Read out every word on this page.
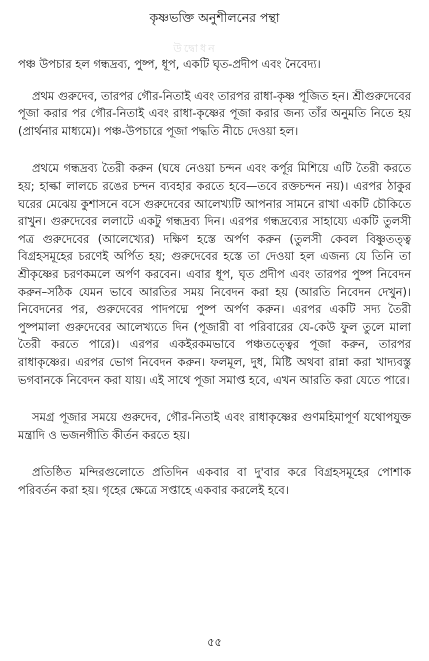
কৃষ্ণভক্তি অনুশীলনের পন্থা
উদ্বোধন

পঞ্চ উপচার হল গন্ধদ্রব্য, পুষ্প, ধূপ, একটি ঘৃত-প্রদীপ এবং নৈবেদ্য।

প্রথম গুরুদেব, তারপর গৌর-নিতাই এবং তারপর রাধা-কৃষ্ণ পূজিত হন। শ্রীগুরুদেবের পূজা করার পর গৌর-নিতাই এবং রাধা-কৃষ্ণের পূজা করার জন্য তাঁর অনুমতি নিতে হয় (প্রার্থনার মাধ্যমে)। পঞ্চ-উপচারে পূজা পদ্ধতি নীচে দেওয়া হল।

প্রথমে গন্ধদ্রব্য তৈরী করুন (ঘষে নেওয়া চন্দন এবং কর্পূর মিশিয়ে এটি তৈরী করতে হয়; হাল্কা লালচে রঙের চন্দন ব্যবহার করতে হবে—তবে রক্তচন্দন নয়)। এরপর ঠাকুর ঘরের মেঝেয় কুশাসনে বসে গুরুদেবের আলেখ্যটি আপনার সামনে রাখা একটি চৌকিতে রাখুন। গুরুদেবের ললাটে একটু গন্ধদ্রব্য দিন। এরপর গন্ধদ্রব্যের সাহায্যে একটি তুলসী পত্র গুরুদেবের (আলেখ্যের) দক্ষিণ হস্তে অর্পণ করুন (তুলসী কেবল বিষ্ণুতত্ত্ব বিগ্রহসমূহের চরণেই অর্পিত হয়; গুরুদেবের হস্তে তা দেওয়া হল এজন্য যে তিনি তা শ্রীকৃষ্ণের চরণকমলে অর্পণ করবেন। এবার ধূপ, ঘৃত প্রদীপ এবং তারপর পুষ্প নিবেদন করুন–সঠিক যেমন ভাবে আরতির সময় নিবেদন করা হয় (আরতি নিবেদন দেখুন)। নিবেদনের পর, গুরুদেবের পাদপদ্মে পুষ্প অর্পণ করুন। এরপর একটি সদ্য তৈরী পুষ্পমালা গুরুদেবের আলেখ্যতে দিন (পূজারী বা পরিবারের যে-কেউ ফুল তুলে মালা তৈরী করতে পারে)। এরপর একইরকমভাবে পঞ্চতত্ত্বের পূজা করুন, তারপর রাধাকৃষ্ণের। এরপর ভোগ নিবেদন করুন। ফলমূল, দুধ, মিষ্টি অথবা রান্না করা খাদ্যবস্তু ভগবানকে নিবেদন করা যায়। এই সাথে পূজা সমাপ্ত হবে, এখন আরতি করা যেতে পারে।

সমগ্র পূজার সময়ে গুরুদেব, গৌর-নিতাই এবং রাধাকৃষ্ণের গুণমহিমাপূর্ণ যথোপযুক্ত মন্ত্রাদি ও ভজনগীতি কীর্তন করতে হয়।

প্রতিষ্ঠিত মন্দিরগুলোতে প্রতিদিন একবার বা দু'বার করে বিগ্রহসমূহের পোশাক পরিবর্তন করা হয়। গৃহের ক্ষেত্রে সপ্তাহে একবার করলেই হবে।

৫৫
